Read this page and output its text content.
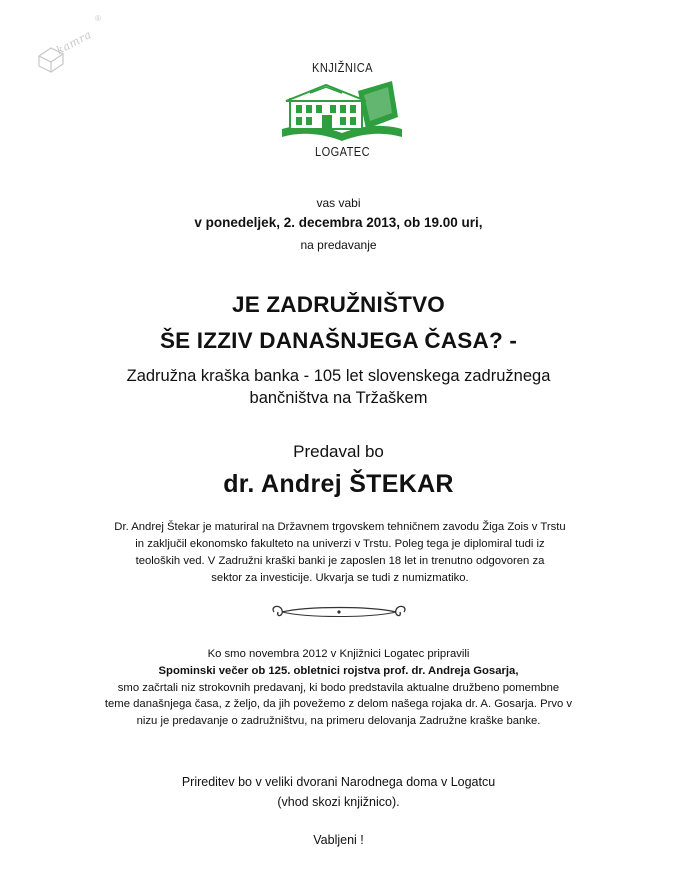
kamra
®
KNJIŽNICA
LOGATEC
vas vabi
v ponedeljek, 2. decembra 2013, ob 19.00 uri,
na predavanje
JE ZADRUŽNIŠTVO
ŠE IZZIV DANAŠNJEGA ČASA? -
Zadružna kraška banka - 105 let slovenskega zadružnega
bančništva na Tržaškem
Predaval bo
dr. Andrej ŠTEKAR
Dr. Andrej Štekar je maturiral na Državnem trgovskem tehničnem zavodu Žiga Zois v Trstu
in zaključil ekonomsko fakulteto na univerzi v Trstu. Poleg tega je diplomiral tudi iz
teoloških ved. V Zadružni kraški banki je zaposlen 18 let in trenutno odgovoren za
sektor za investicije. Ukvarja se tudi z numizmatiko.
Ko smo novembra 2012 v Knjižnici Logatec pripravili
Spominski večer ob 125. obletnici rojstva prof. dr. Andreja Gosarja,
smo začrtali niz strokovnih predavanj, ki bodo predstavila aktualne družbeno pomembne
teme današnjega časa, z željo, da jih povežemo z delom našega rojaka dr. A. Gosarja. Prvo v
nizu je predavanje o zadružništvu, na primeru delovanja Zadružne kraške banke.
Prireditev bo v veliki dvorani Narodnega doma v Logatcu
(vhod skozi knjižnico).
Vabljeni !
